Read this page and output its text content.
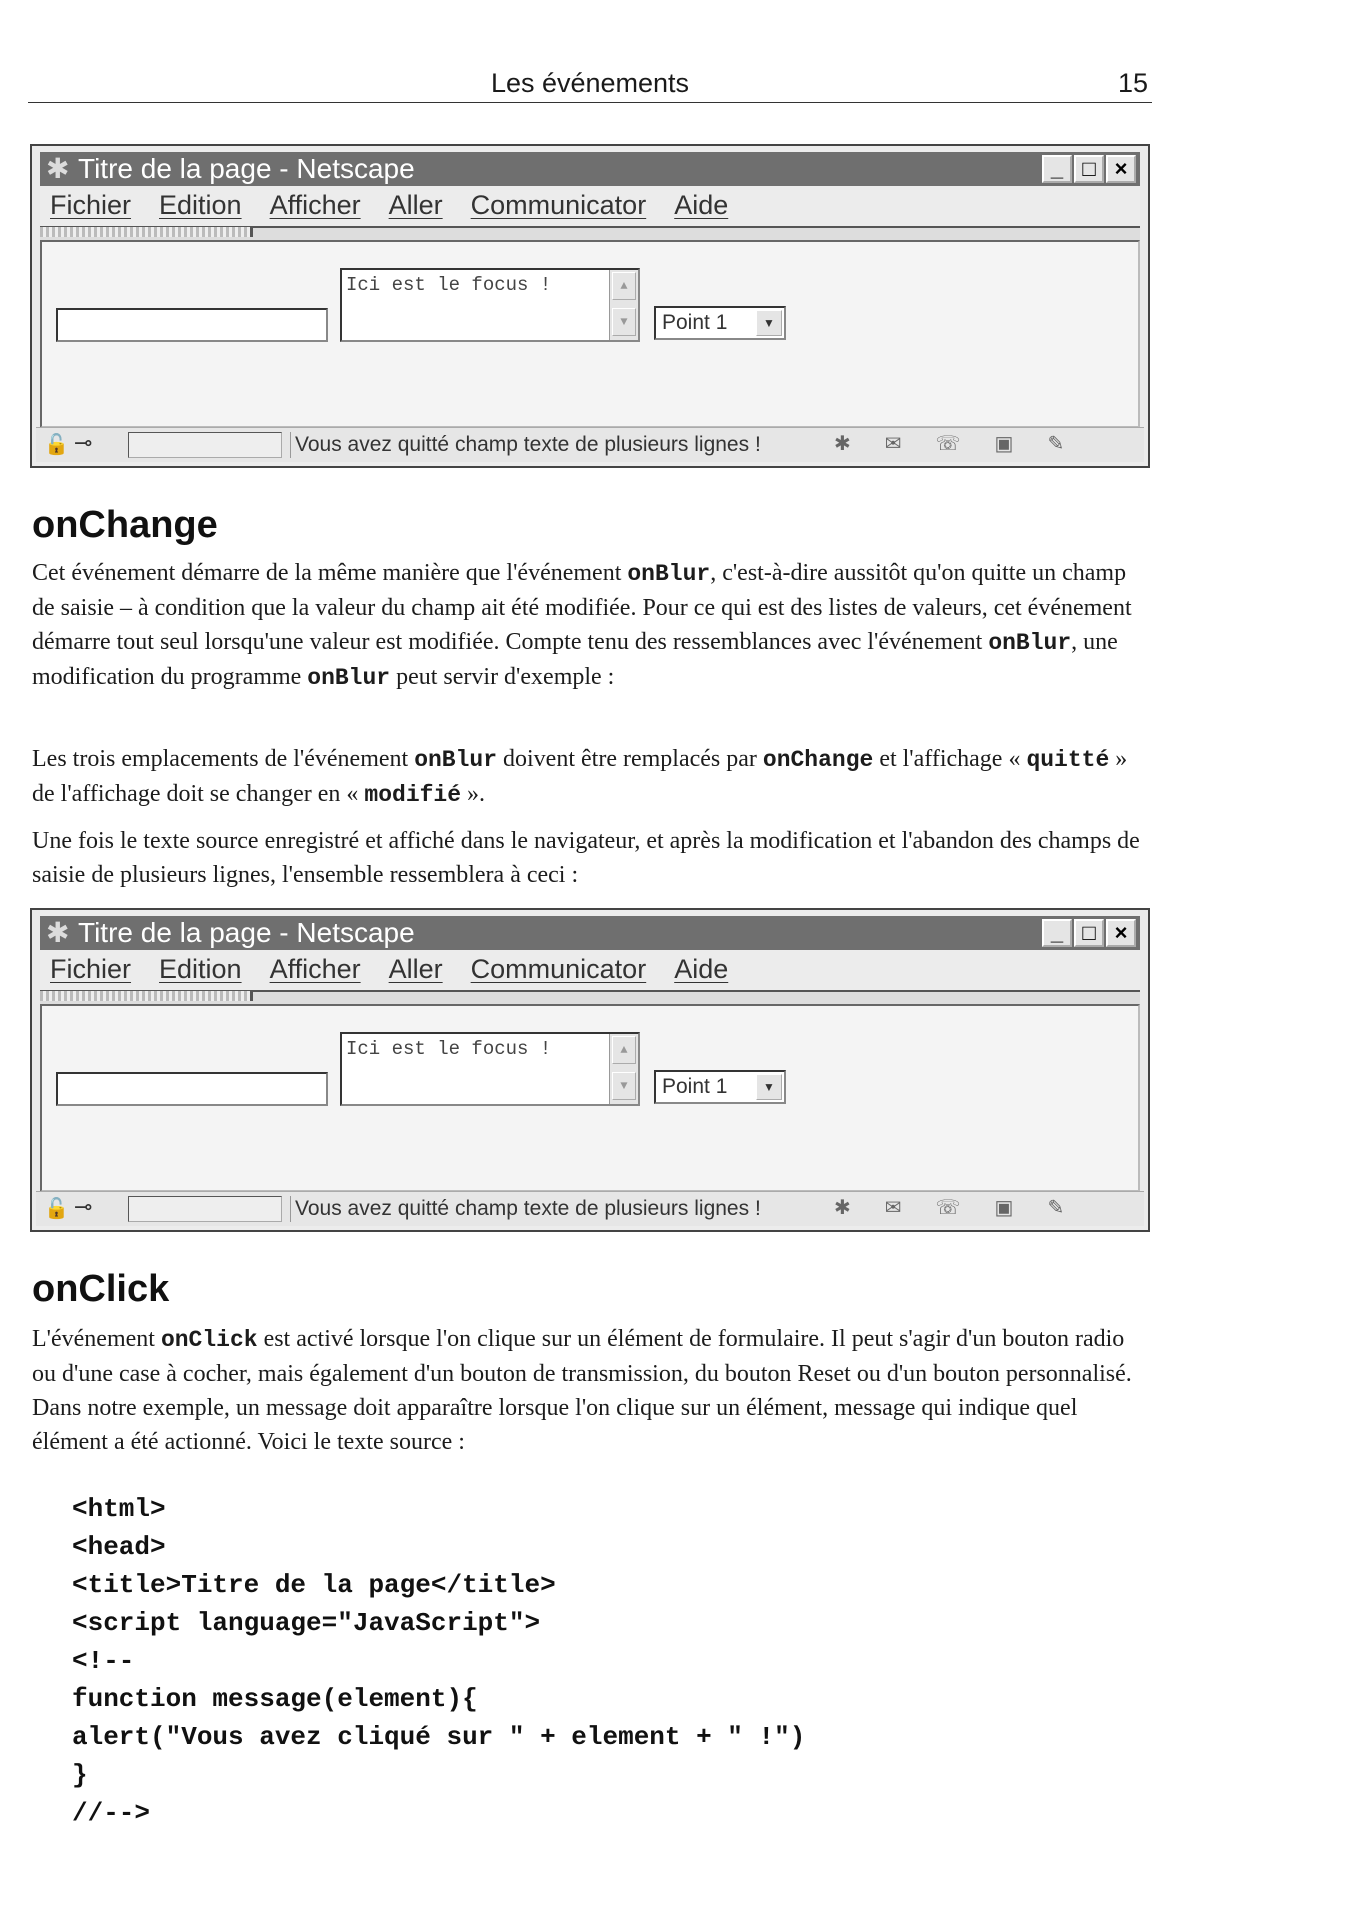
Les événements	15
✱ Titre de la page - Netscape	_ □ ×
Fichier Edition Afficher Aller Communicator Aide
Ici est le focus !	▲
▼	Point 1	▼
🔓 ⊸	Vous avez quitté champ texte de plusieurs lignes !	✱ ✉ ☏ ▣ ✎
onChange

Cet événement démarre de la même manière que l'événement onBlur, c'est-à-dire aussitôt qu'on quitte un champ de saisie – à condition que la valeur du champ ait été modifiée. Pour ce qui est des listes de valeurs, cet événement démarre tout seul lorsqu'une valeur est modifiée. Compte tenu des ressemblances avec l'événement onBlur, une modification du programme onBlur peut servir d'exemple :

Les trois emplacements de l'événement onBlur doivent être remplacés par onChange et l'affichage « quitté » de l'affichage doit se changer en « modifié ».

Une fois le texte source enregistré et affiché dans le navigateur, et après la modification et l'abandon des champs de saisie de plusieurs lignes, l'ensemble ressemblera à ceci :

✱ Titre de la page - Netscape	_ □ ×
Fichier Edition Afficher Aller Communicator Aide
Ici est le focus !	▲
▼	Point 1	▼
🔓 ⊸	Vous avez quitté champ texte de plusieurs lignes !	✱ ✉ ☏ ▣ ✎
onClick

L'événement onClick est activé lorsque l'on clique sur un élément de formulaire. Il peut s'agir d'un bouton radio ou d'une case à cocher, mais également d'un bouton de transmission, du bouton Reset ou d'un bouton personnalisé. Dans notre exemple, un message doit apparaître lorsque l'on clique sur un élément, message qui indique quel élément a été actionné. Voici le texte source :

<html>
<head>
<title>Titre de la page</title>
<script language="JavaScript">
<!--
function message(element){
alert("Vous avez cliqué sur " + element + " !")
}
//-->
